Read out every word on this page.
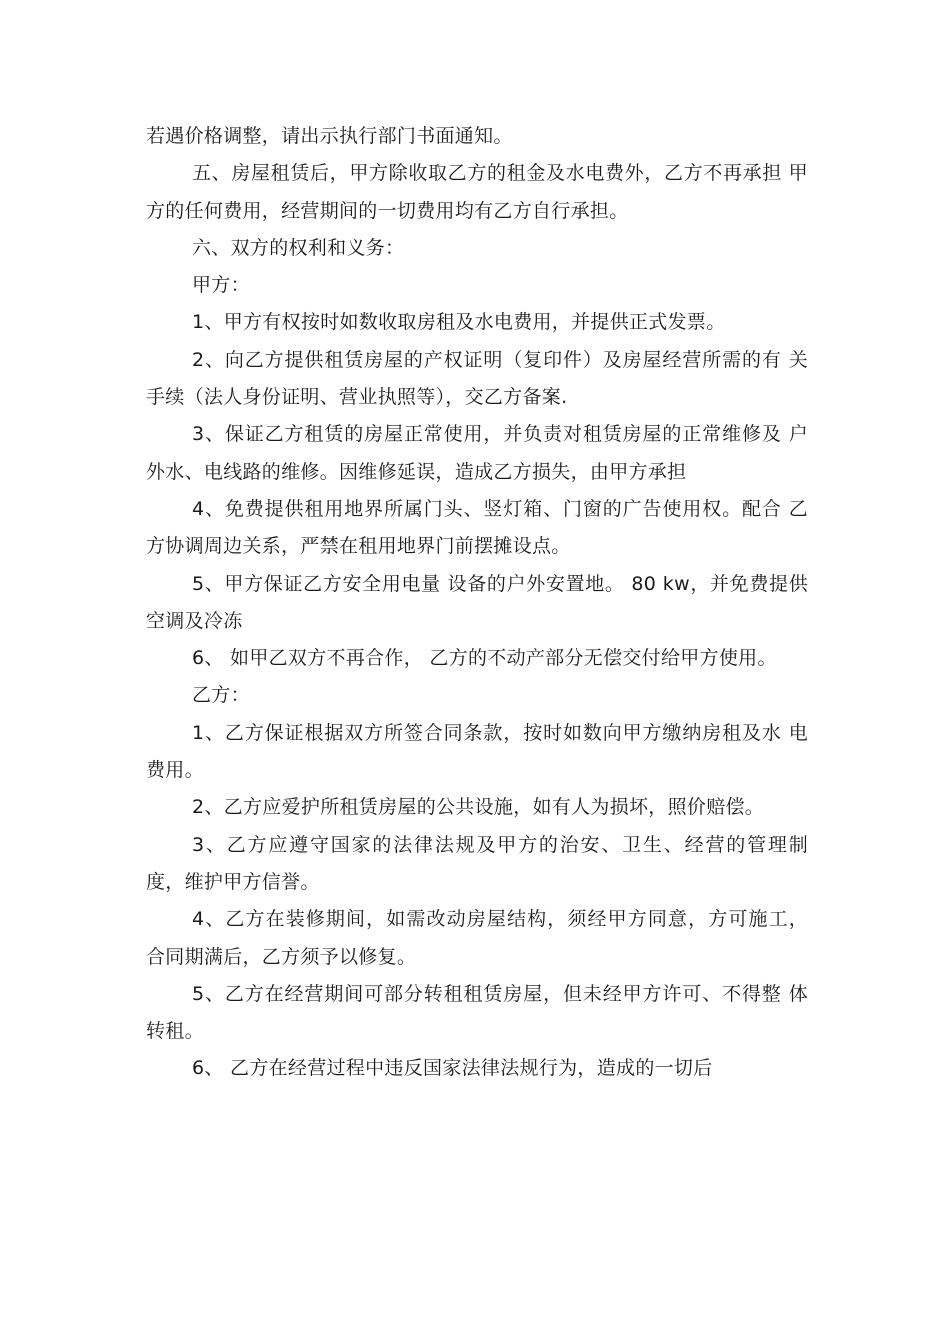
若遇价格调整，请出示执行部门书面通知。

五、房屋租赁后，甲方除收取乙方的租金及水电费外，乙方不再承担 甲方的任何费用，经营期间的一切费用均有乙方自行承担。

六、双方的权利和义务：

甲方：

1、甲方有权按时如数收取房租及水电费用，并提供正式发票。

2、向乙方提供租赁房屋的产权证明（复印件）及房屋经营所需的有 关手续（法人身份证明、营业执照等），交乙方备案.

3、保证乙方租赁的房屋正常使用，并负责对租赁房屋的正常维修及 户外水、电线路的维修。因维修延误，造成乙方损失，由甲方承担

4、免费提供租用地界所属门头、竖灯箱、门窗的广告使用权。配合 乙方协调周边关系，严禁在租用地界门前摆摊设点。

5、甲方保证乙方安全用电量 设备的户外安置地。 80 kw，并免费提供空调及冷冻

6、 如甲乙双方不再合作， 乙方的不动产部分无偿交付给甲方使用。

乙方：

1、乙方保证根据双方所签合同条款，按时如数向甲方缴纳房租及水 电费用。

2、乙方应爱护所租赁房屋的公共设施，如有人为损坏，照价赔偿。

3、乙方应遵守国家的法律法规及甲方的治安、卫生、经营的管理制 度，维护甲方信誉。

4、乙方在装修期间，如需改动房屋结构，须经甲方同意，方可施工， 合同期满后，乙方须予以修复。

5、乙方在经营期间可部分转租租赁房屋，但未经甲方许可、不得整 体转租。

6、 乙方在经营过程中违反国家法律法规行为，造成的一切后
